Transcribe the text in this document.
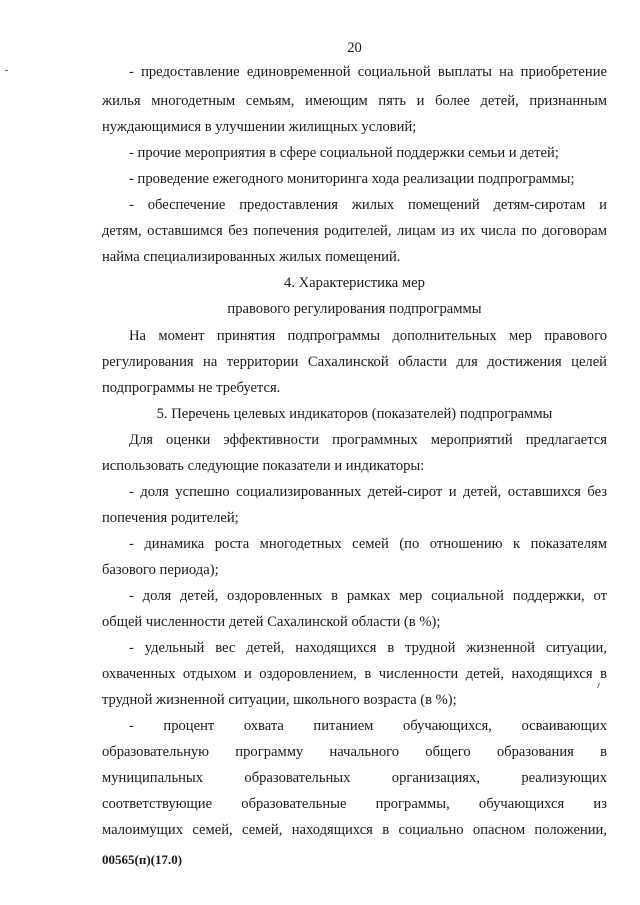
20
- предоставление единовременной социальной выплаты на приобретение
жилья многодетным семьям, имеющим пять и более детей, признанным
нуждающимися в улучшении жилищных условий;
- прочие мероприятия в сфере социальной поддержки семьи и детей;
- проведение ежегодного мониторинга хода реализации подпрограммы;
- обеспечение предоставления жилых помещений детям-сиротам и
детям, оставшимся без попечения родителей, лицам из их числа по договорам
найма специализированных жилых помещений.
4. Характеристика мер
правового регулирования подпрограммы
На момент принятия подпрограммы дополнительных мер правового
регулирования на территории Сахалинской области для достижения целей
подпрограммы не требуется.
5. Перечень целевых индикаторов (показателей) подпрограммы
Для оценки эффективности программных мероприятий предлагается
использовать следующие показатели и индикаторы:
- доля успешно социализированных детей-сирот и детей, оставшихся без
попечения родителей;
- динамика роста многодетных семей (по отношению к показателям
базового периода);
- доля детей, оздоровленных в рамках мер социальной поддержки, от
общей численности детей Сахалинской области (в %);
- удельный вес детей, находящихся в трудной жизненной ситуации,
охваченных отдыхом и оздоровлением, в численности детей, находящихся в
трудной жизненной ситуации, школьного возраста (в %);
- процент охвата питанием обучающихся, осваивающих
образовательную программу начального общего образования в
муниципальных образовательных организациях, реализующих
соответствующие образовательные программы, обучающихся из
малоимущих семей, семей, находящихся в социально опасном положении,
00565(п)(17.0)
